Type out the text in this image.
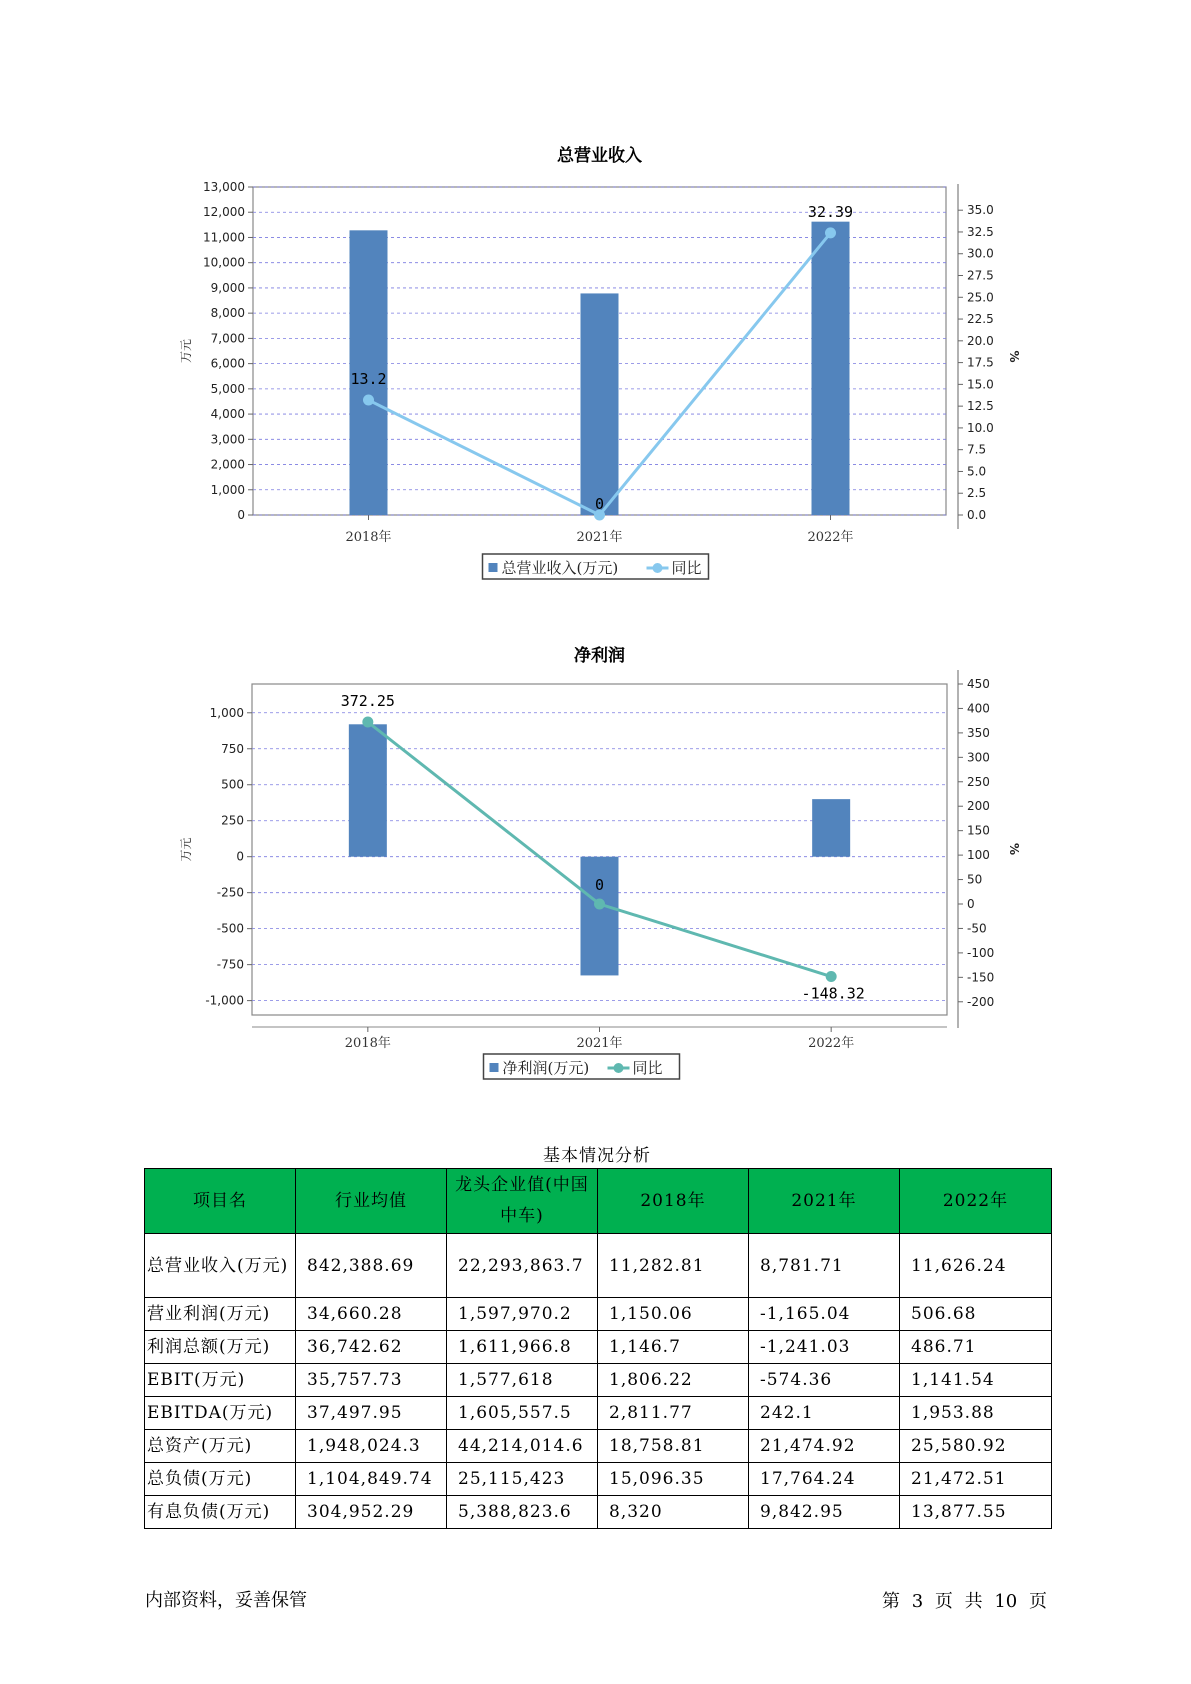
总营业收入
0
1,000
2,000
3,000
4,000
5,000
6,000
7,000
8,000
9,000
10,000
11,000
12,000
13,000
万元
0.0
2.5
5.0
7.5
10.0
12.5
15.0
17.5
20.0
22.5
25.0
27.5
30.0
32.5
35.0
%
2018年	2021年	2022年
13.2
0
32.39
总营业收入(万元)	同比
净利润
-1,000
-750
-500
-250
0
250
500
750
1,000
万元
-200
-150
-100
-50
0
50
100
150
200
250
300
350
400
450
%
2018年	2021年	2022年
372.25
0
-148.32
净利润(万元)	同比
基本情况分析
项目名	行业均值	龙头企业值(中国中车)	2018年	2021年	2022年
总营业收入(万元)	842,388.69	22,293,863.7	11,282.81	8,781.71	11,626.24
营业利润(万元)	34,660.28	1,597,970.2	1,150.06	-1,165.04	506.68
利润总额(万元)	36,742.62	1,611,966.8	1,146.7	-1,241.03	486.71
EBIT(万元)	35,757.73	1,577,618	1,806.22	-574.36	1,141.54
EBITDA(万元)	37,497.95	1,605,557.5	2,811.77	242.1	1,953.88
总资产(万元)	1,948,024.3	44,214,014.6	18,758.81	21,474.92	25,580.92
总负债(万元)	1,104,849.74	25,115,423	15,096.35	17,764.24	21,472.51
有息负债(万元)	304,952.29	5,388,823.6	8,320	9,842.95	13,877.55
内部资料，妥善保管	第 3 页 共 10 页
